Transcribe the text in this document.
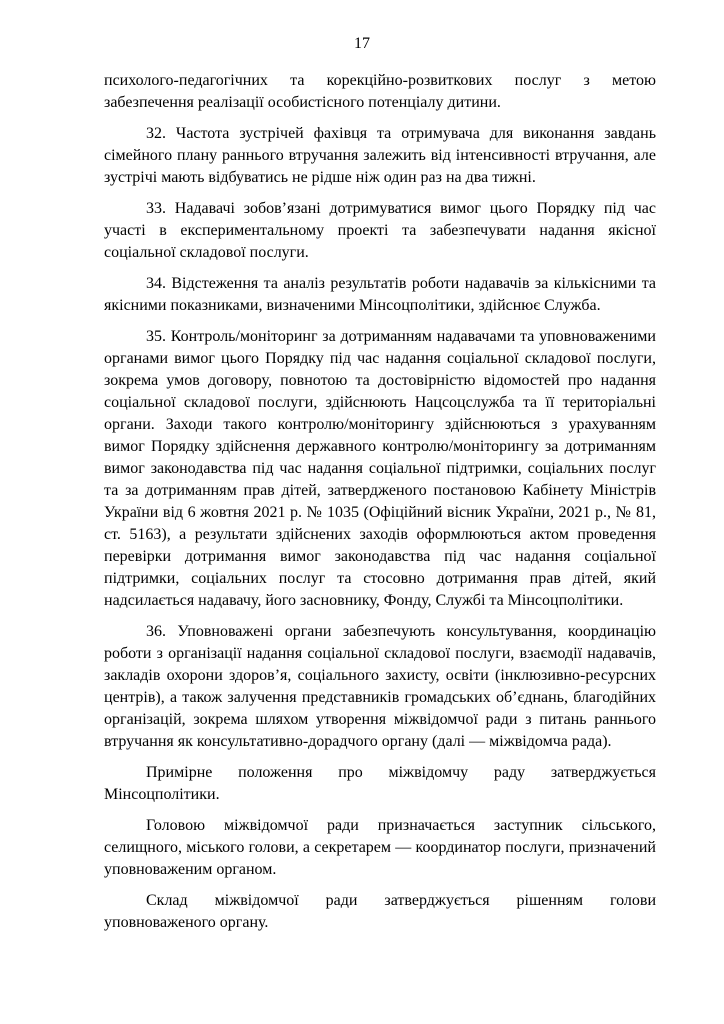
17

психолого-педагогічних та корекційно-розвиткових послуг з метою забезпечення реалізації особистісного потенціалу дитини.

32. Частота зустрічей фахівця та отримувача для виконання завдань сімейного плану раннього втручання залежить від інтенсивності втручання, але зустрічі мають відбуватись не рідше ніж один раз на два тижні.

33. Надавачі зобов’язані дотримуватися вимог цього Порядку під час участі в експериментальному проекті та забезпечувати надання якісної соціальної складової послуги.

34. Відстеження та аналіз результатів роботи надавачів за кількісними та якісними показниками, визначеними Мінсоцполітики, здійснює Служба.

35. Контроль/моніторинг за дотриманням надавачами та уповноваженими органами вимог цього Порядку під час надання соціальної складової послуги, зокрема умов договору, повнотою та достовірністю відомостей про надання соціальної складової послуги, здійснюють Нацсоцслужба та її територіальні органи. Заходи такого контролю/моніторингу здійснюються з урахуванням вимог Порядку здійснення державного контролю/моніторингу за дотриманням вимог законодавства під час надання соціальної підтримки, соціальних послуг та за дотриманням прав дітей, затвердженого постановою Кабінету Міністрів України від 6 жовтня 2021 р. № 1035 (Офіційний вісник України, 2021 р., № 81, ст. 5163), а результати здійснених заходів оформлюються актом проведення перевірки дотримання вимог законодавства під час надання соціальної підтримки, соціальних послуг та стосовно дотримання прав дітей, який надсилається надавачу, його засновнику, Фонду, Службі та Мінсоцполітики.

36. Уповноважені органи забезпечують консультування, координацію роботи з організації надання соціальної складової послуги, взаємодії надавачів, закладів охорони здоров’я, соціального захисту, освіти (інклюзивно-ресурсних центрів), а також залучення представників громадських об’єднань, благодійних організацій, зокрема шляхом утворення міжвідомчої ради з питань раннього втручання як консультативно-дорадчого органу (далі — міжвідомча рада).

Примірне положення про міжвідомчу раду затверджується Мінсоцполітики.

Головою міжвідомчої ради призначається заступник сільського, селищного, міського голови, а секретарем — координатор послуги, призначений уповноваженим органом.

Склад міжвідомчої ради затверджується рішенням голови уповноваженого органу.
